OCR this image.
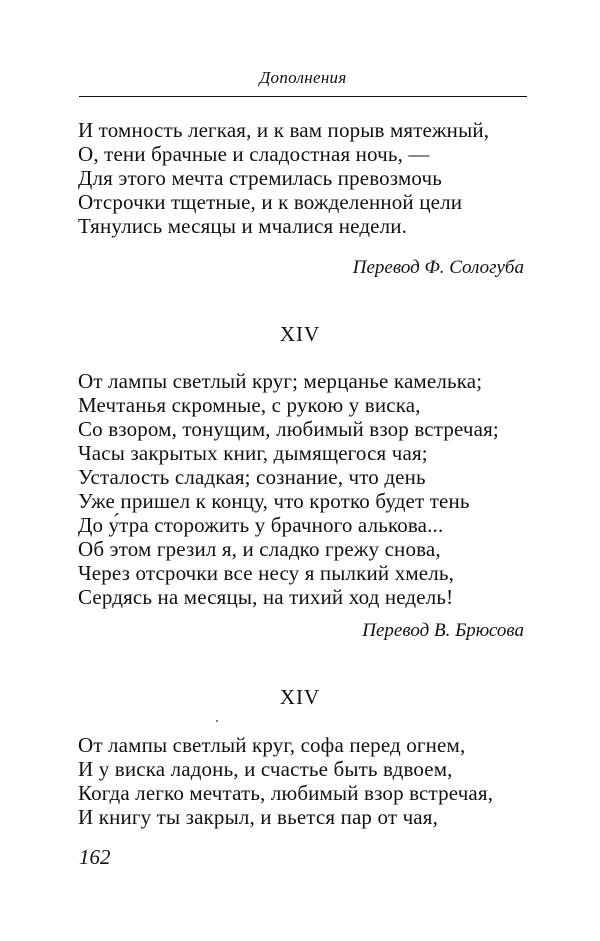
Дополнения
И томность легкая, и к вам порыв мятежный,
О, тени брачные и сладостная ночь, —
Для этого мечта стремилась превозмочь
Отсрочки тщетные, и к вожделенной цели
Тянулись месяцы и мчалися недели.
Перевод Ф. Сологуба
XIV
От лампы светлый круг; мерцанье камелька;
Мечтанья скромные, с рукою у виска,
Со взором, тонущим, любимый взор встречая;
Часы закрытых книг, дымящегося чая;
Усталость сладкая; сознание, что день
Уже пришел к концу, что кротко будет тень
До у́тра сторожить у брачного алькова...
Об этом грезил я, и сладко грежу снова,
Через отсрочки все несу я пылкий хмель,
Сердясь на месяцы, на тихий ход недель!
Перевод В. Брюсова
XIV
От лампы светлый круг, софа перед огнем,
И у виска ладонь, и счастье быть вдвоем,
Когда легко мечтать, любимый взор встречая,
И книгу ты закрыл, и вьется пар от чая,
162
